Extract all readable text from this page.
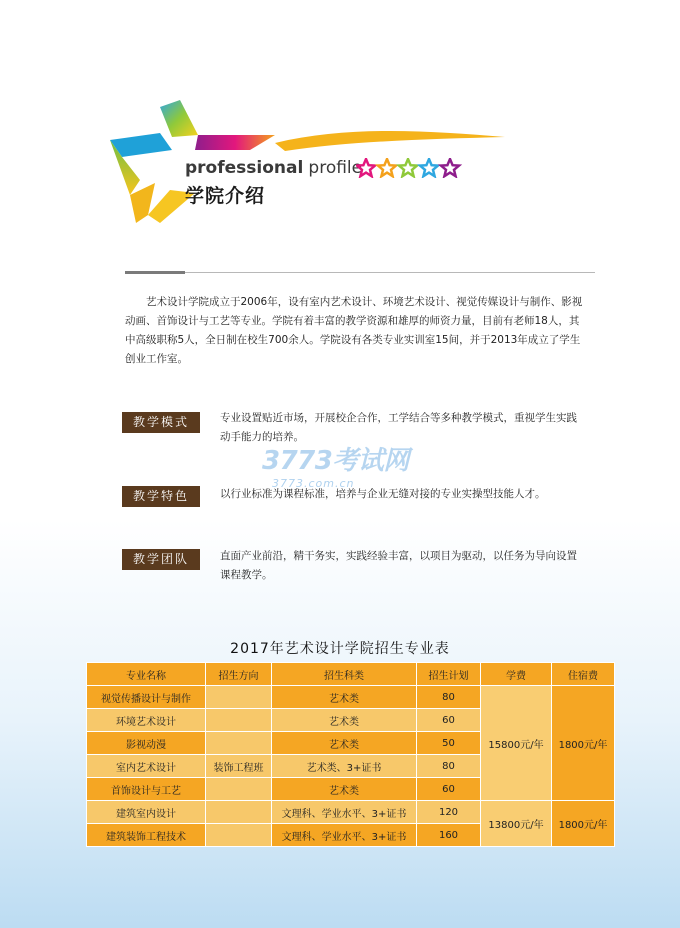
professional profile
学院介绍

艺术设计学院成立于2006年，设有室内艺术设计、环境艺术设计、视觉传媒设计与制作、影视动画、首饰设计与工艺等专业。学院有着丰富的教学资源和雄厚的师资力量，目前有老师18人，其中高级职称5人，全日制在校生700余人。学院设有各类专业实训室15间，并于2013年成立了学生创业工作室。

教学模式	专业设置贴近市场，开展校企合作，工学结合等多种教学模式，重视学生实践动手能力的培养。
教学特色	以行业标准为课程标准，培养与企业无缝对接的专业实操型技能人才。
教学团队	直面产业前沿，精干务实，实践经验丰富，以项目为驱动，以任务为导向设置课程教学。
3773考试网
3773.com.cn
2017年艺术设计学院招生专业表
专业名称	招生方向	招生科类	招生计划	学费	住宿费
视觉传播设计与制作		艺术类	80	15800元/年	1800元/年
环境艺术设计		艺术类	60		
影视动漫		艺术类	50		
室内艺术设计	装饰工程班	艺术类、3+证书	80		
首饰设计与工艺		艺术类	60		
建筑室内设计		文理科、学业水平、3+证书	120	13800元/年	1800元/年
建筑装饰工程技术		文理科、学业水平、3+证书	160		
